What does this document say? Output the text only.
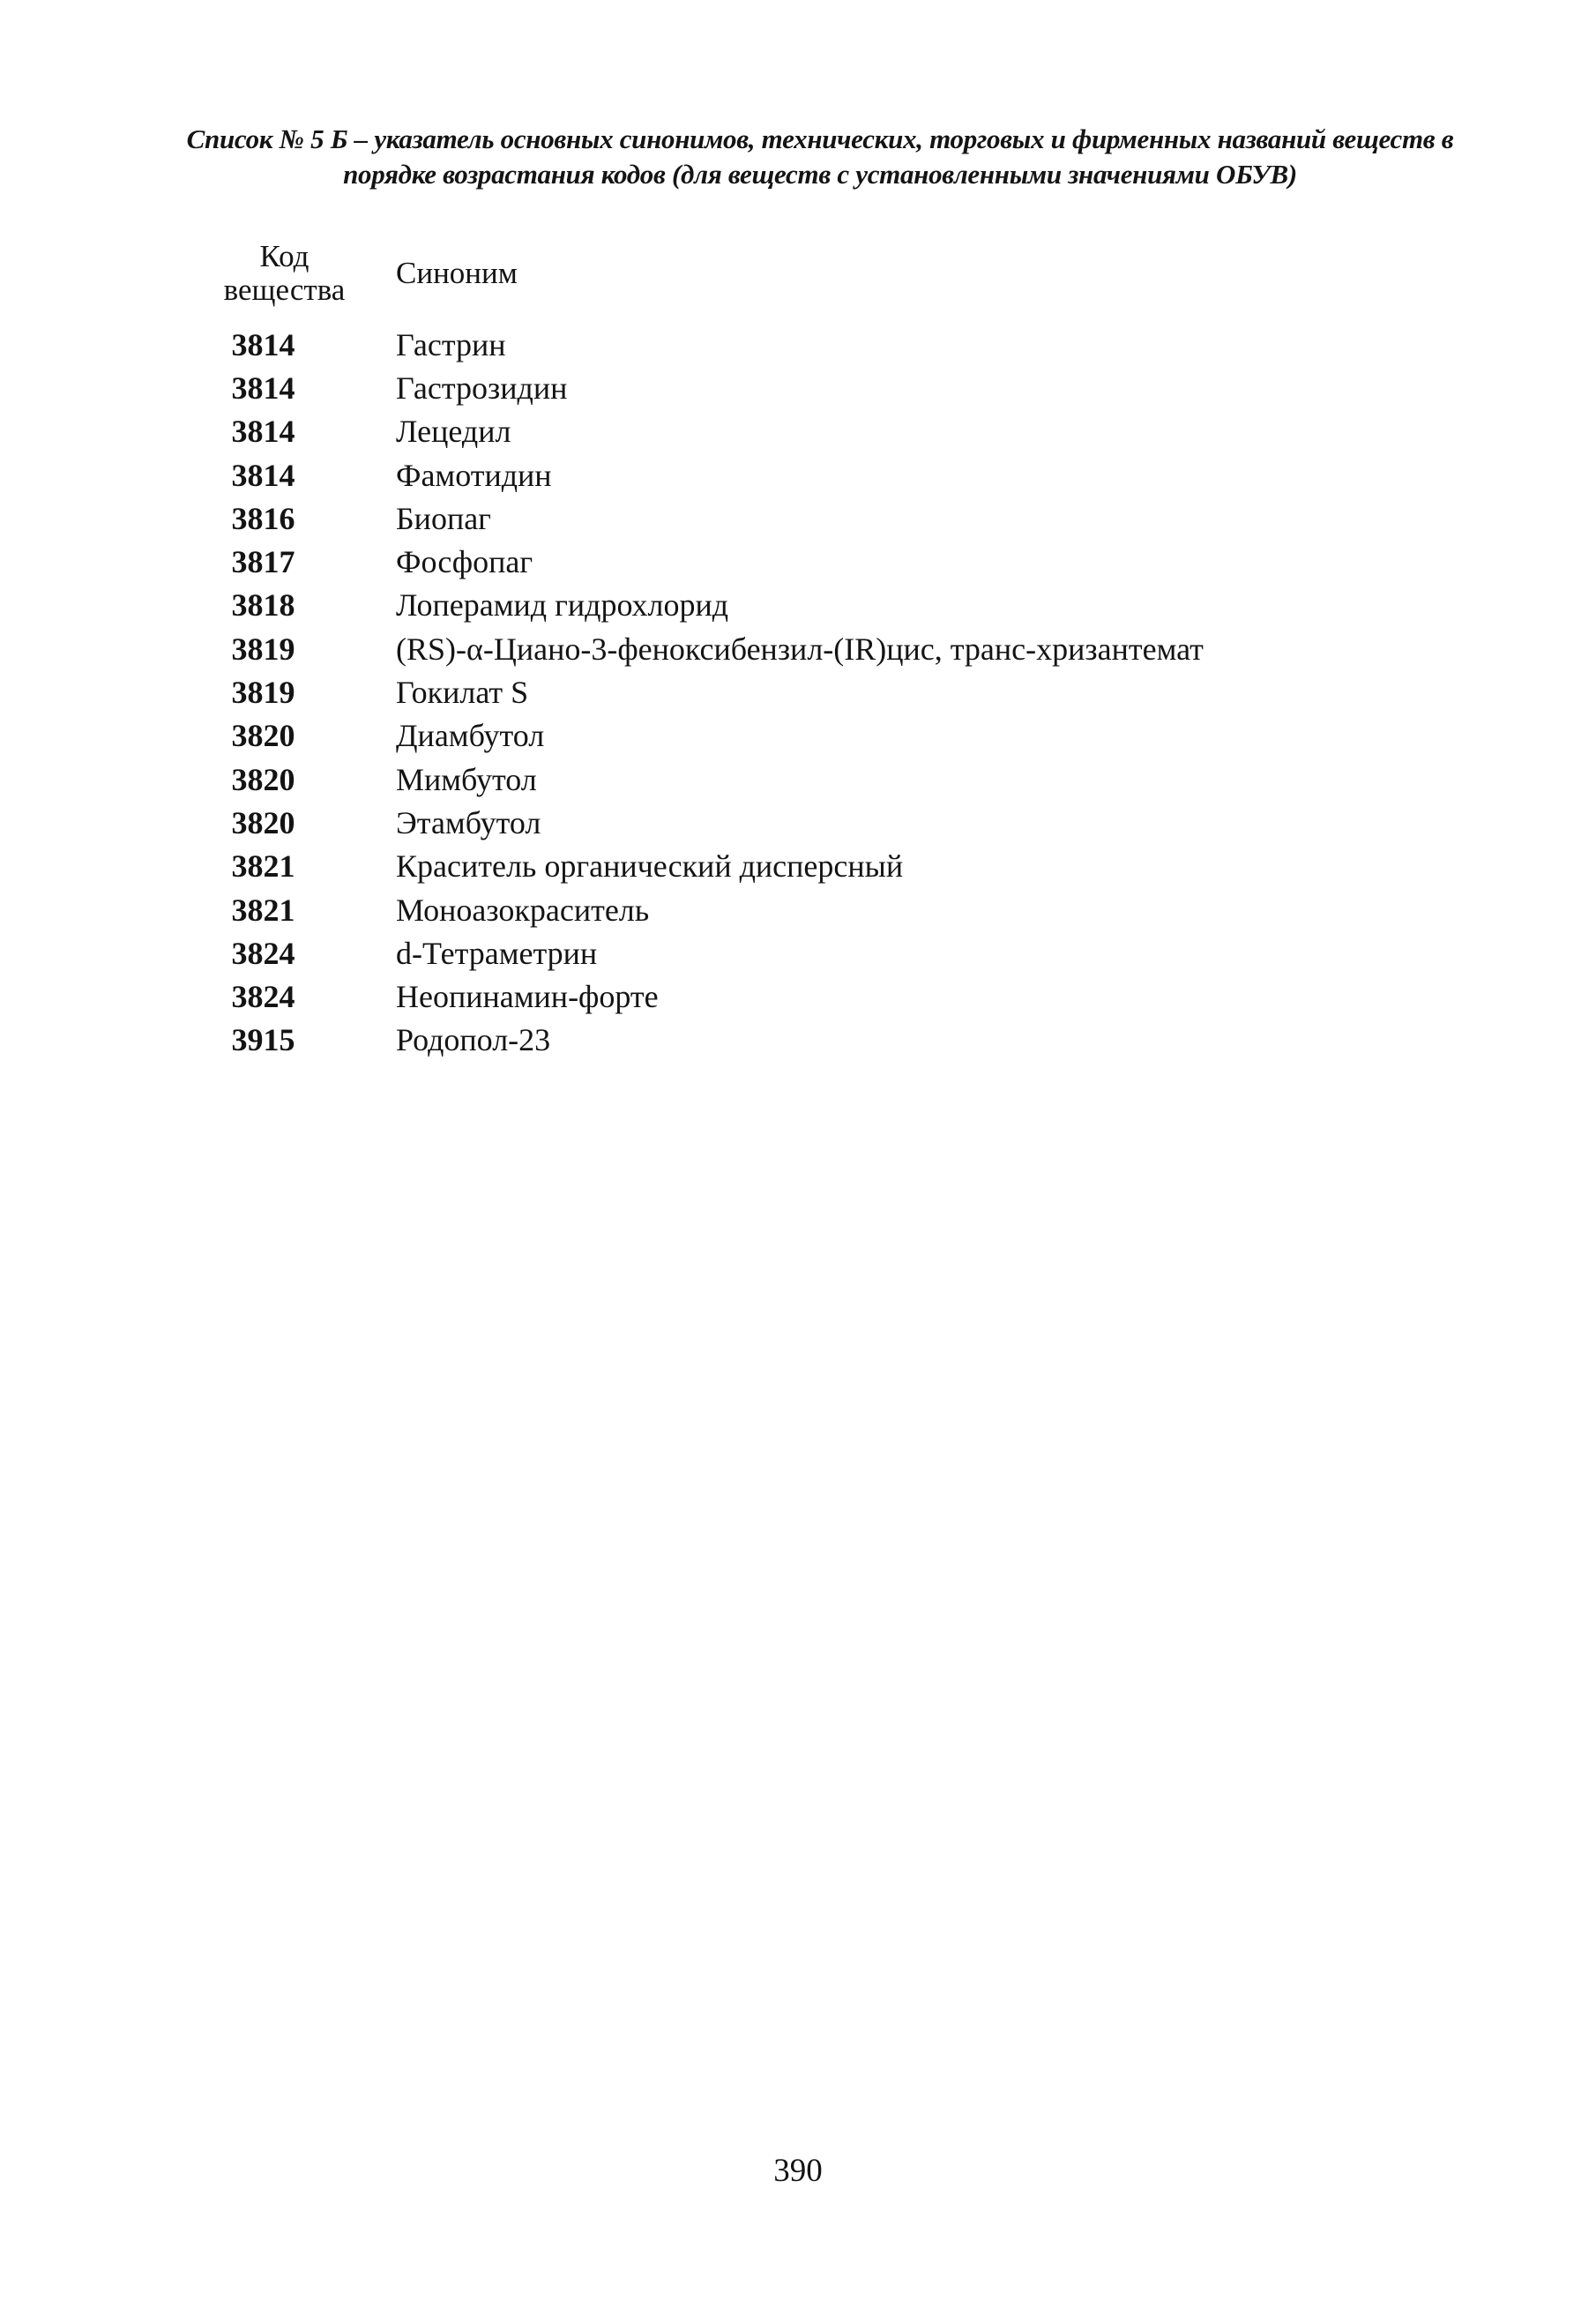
Список № 5 Б – указатель основных синонимов, технических, торговых и фирменных названий веществ в
порядке возрастания кодов (для веществ с установленными значениями ОБУВ)
Код
вещества	Синоним
3814	Гастрин
3814	Гастрозидин
3814	Лецедил
3814	Фамотидин
3816	Биопаг
3817	Фосфопаг
3818	Лоперамид гидрохлорид
3819	(RS)-α-Циано-3-феноксибензил-(IR)цис, транс-хризантемат
3819	Гокилат S
3820	Диамбутол
3820	Мимбутол
3820	Этамбутол
3821	Краситель органический дисперсный
3821	Моноазокраситель
3824	d-Тетраметрин
3824	Неопинамин-форте
3915	Родопол-23
390
